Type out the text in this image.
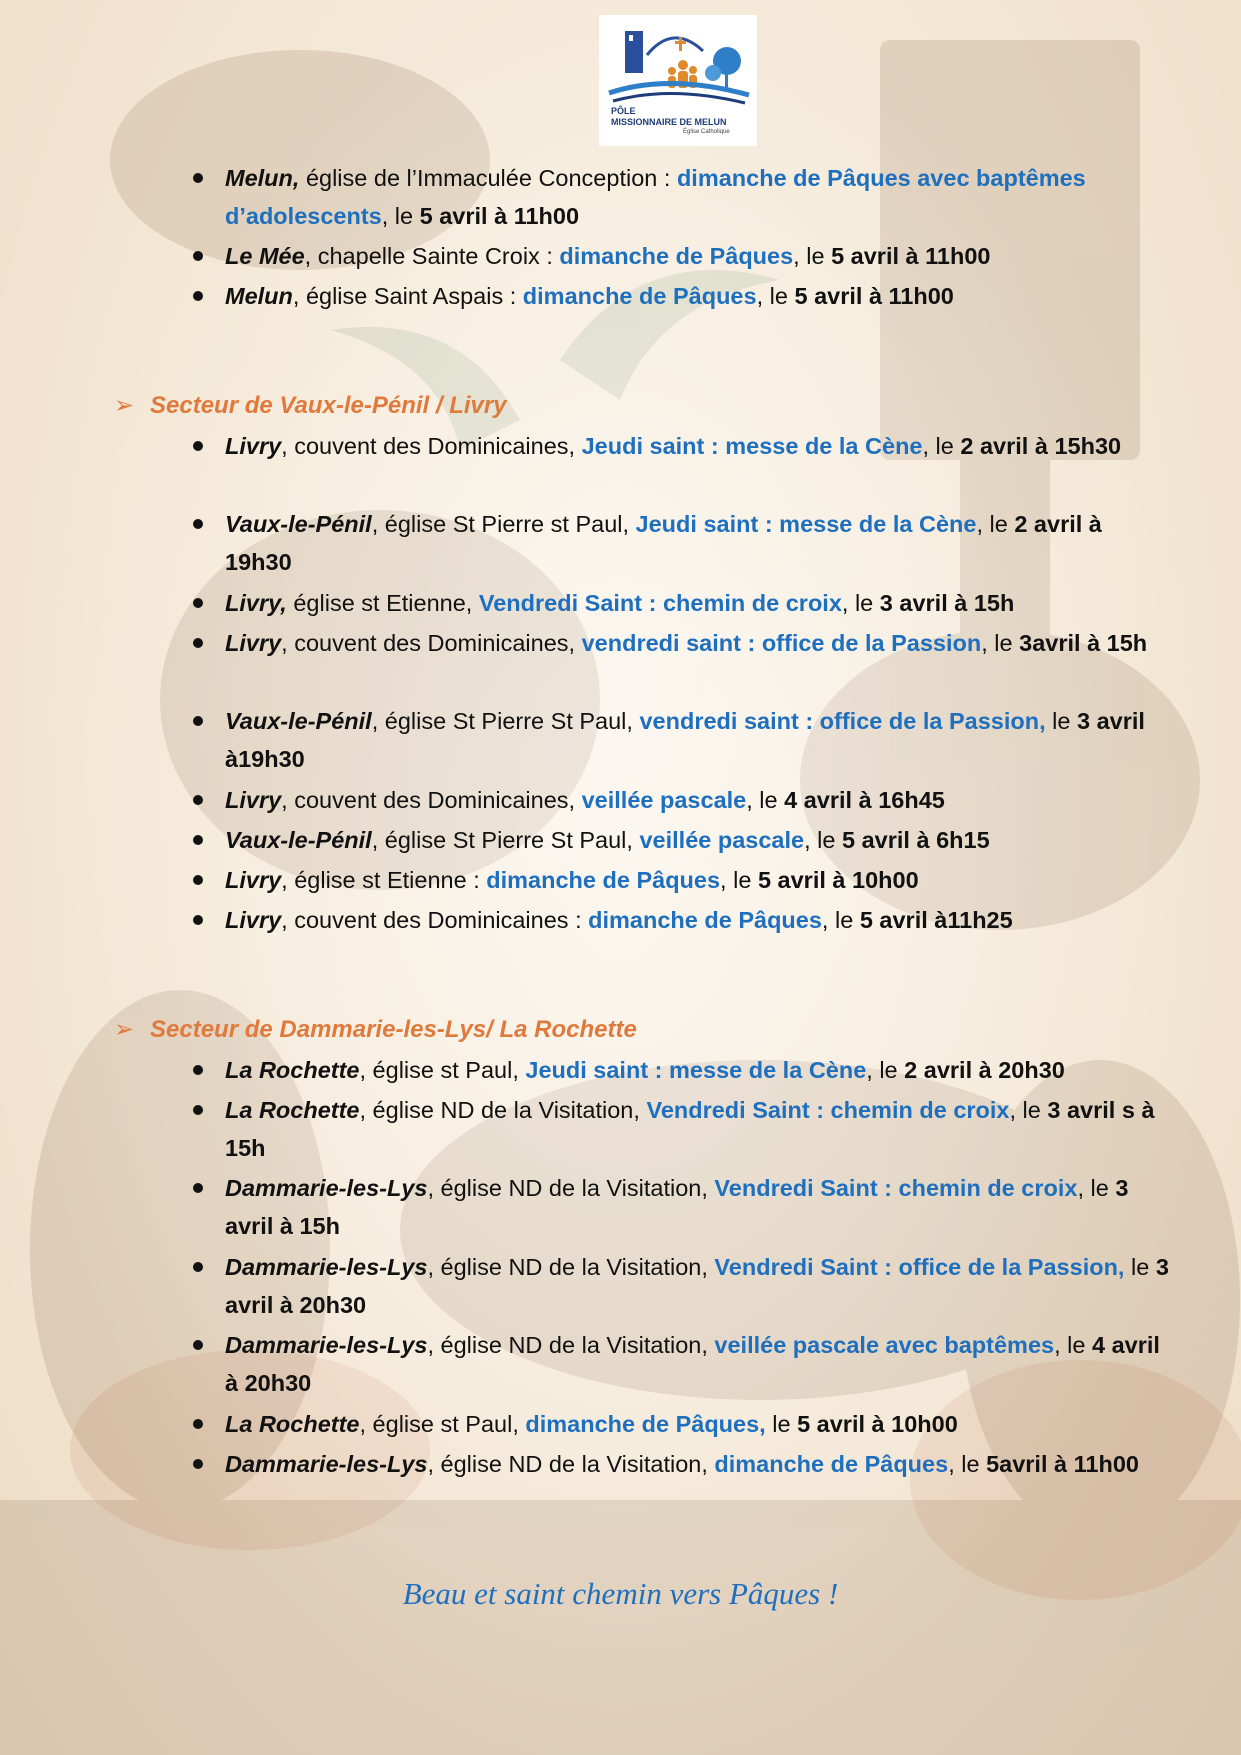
PÔLE
MISSIONNAIRE DE MELUN
Église Catholique
Melun, église de l’Immaculée Conception : dimanche de Pâques avec baptêmes d’adolescents, le 5 avril à 11h00
Le Mée, chapelle Sainte Croix : dimanche de Pâques, le 5 avril à 11h00
Melun, église Saint Aspais : dimanche de Pâques, le 5 avril à 11h00
➢ Secteur de Vaux-le-Pénil / Livry
Livry, couvent des Dominicaines, Jeudi saint : messe de la Cène, le 2 avril à 15h30
Vaux-le-Pénil, église St Pierre st Paul, Jeudi saint : messe de la Cène, le 2 avril à 19h30
Livry, église st Etienne, Vendredi Saint : chemin de croix, le 3 avril à 15h
Livry, couvent des Dominicaines, vendredi saint : office de la Passion, le 3avril à 15h
Vaux-le-Pénil, église St Pierre St Paul, vendredi saint : office de la Passion, le 3 avril à19h30
Livry, couvent des Dominicaines, veillée pascale, le 4 avril à 16h45
Vaux-le-Pénil, église St Pierre St Paul, veillée pascale, le 5 avril à 6h15
Livry, église st Etienne : dimanche de Pâques, le 5 avril à 10h00
Livry, couvent des Dominicaines : dimanche de Pâques, le 5 avril à11h25
➢ Secteur de Dammarie-les-Lys/ La Rochette
La Rochette, église st Paul, Jeudi saint : messe de la Cène, le 2 avril à 20h30
La Rochette, église ND de la Visitation, Vendredi Saint : chemin de croix, le 3 avril s à 15h
Dammarie-les-Lys, église ND de la Visitation, Vendredi Saint : chemin de croix, le 3 avril à 15h
Dammarie-les-Lys, église ND de la Visitation, Vendredi Saint : office de la Passion, le 3 avril à 20h30
Dammarie-les-Lys, église ND de la Visitation, veillée pascale avec baptêmes, le 4 avril à 20h30
La Rochette, église st Paul, dimanche de Pâques, le 5 avril à 10h00
Dammarie-les-Lys, église ND de la Visitation, dimanche de Pâques, le 5avril à 11h00
Beau et saint chemin vers Pâques !
